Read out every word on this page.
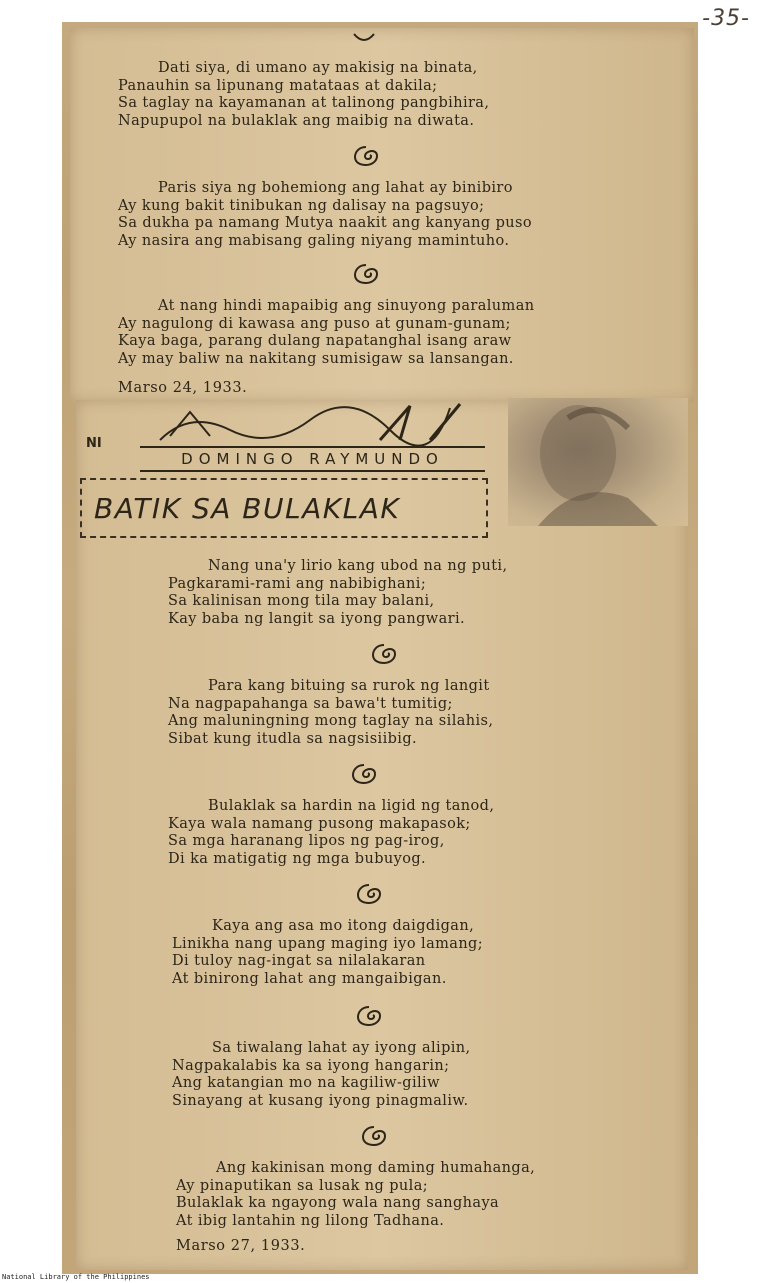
-35-
Dati siya, di umano ay makisig na binata,
Panauhin sa lipunang matataas at dakila;
Sa taglay na kayamanan at talinong pangbihira,
Napupupol na bulaklak ang maibig na diwata.
Paris siya ng bohemiong ang lahat ay binibiro
Ay kung bakit tinibukan ng dalisay na pagsuyo;
Sa dukha pa namang Mutya naakit ang kanyang puso
Ay nasira ang mabisang galing niyang mamintuho.
At nang hindi mapaibig ang sinuyong paraluman
Ay nagulong di kawasa ang puso at gunam-gunam;
Kaya baga, parang dulang napatanghal isang araw
Ay may baliw na nakitang sumisigaw sa lansangan.
Marso 24, 1933.
NI
DOMINGO RAYMUNDO
BATIK SA BULAKLAK
Nang una'y lirio kang ubod na ng puti,
Pagkarami-rami ang nabibighani;
Sa kalinisan mong tila may balani,
Kay baba ng langit sa iyong pangwari.
Para kang bituing sa rurok ng langit
Na nagpapahanga sa bawa't tumitig;
Ang maluningning mong taglay na silahis,
Sibat kung itudla sa nagsisiibig.
Bulaklak sa hardin na ligid ng tanod,
Kaya wala namang pusong makapasok;
Sa mga haranang lipos ng pag-irog,
Di ka matigatig ng mga bubuyog.
Kaya ang asa mo itong daigdigan,
Linikha nang upang maging iyo lamang;
Di tuloy nag-ingat sa nilalakaran
At binirong lahat ang mangaibigan.
Sa tiwalang lahat ay iyong alipin,
Nagpakalabis ka sa iyong hangarin;
Ang katangian mo na kagiliw-giliw
Sinayang at kusang iyong pinagmaliw.
Ang kakinisan mong daming humahanga,
Ay pinaputikan sa lusak ng pula;
Bulaklak ka ngayong wala nang sanghaya
At ibig lantahin ng lilong Tadhana.
Marso 27, 1933.
National Library of the Philippines
